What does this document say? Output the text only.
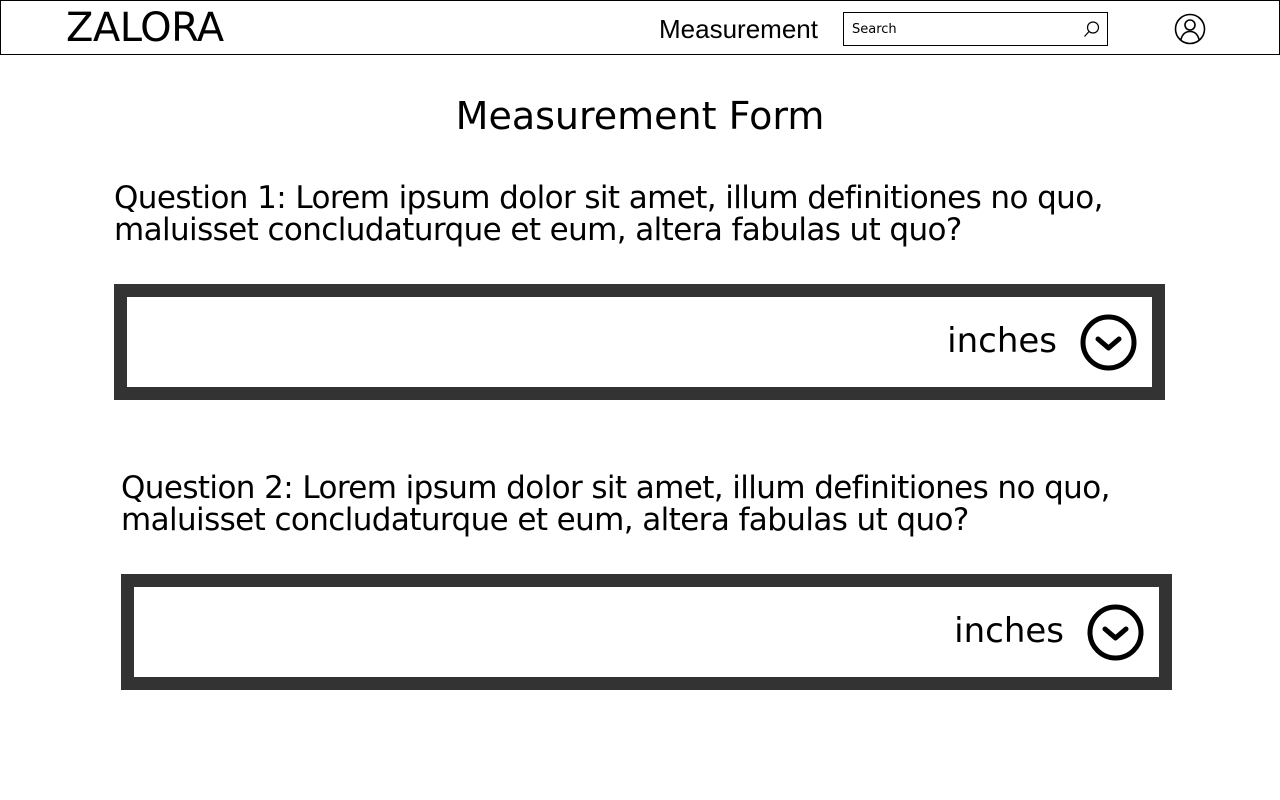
ZALORA	Measurement
Search
Measurement Form
Question 1: Lorem ipsum dolor sit amet, illum definitiones no quo,
maluisset concludaturque et eum, altera fabulas ut quo?
inches
Question 2: Lorem ipsum dolor sit amet, illum definitiones no quo,
maluisset concludaturque et eum, altera fabulas ut quo?
inches
